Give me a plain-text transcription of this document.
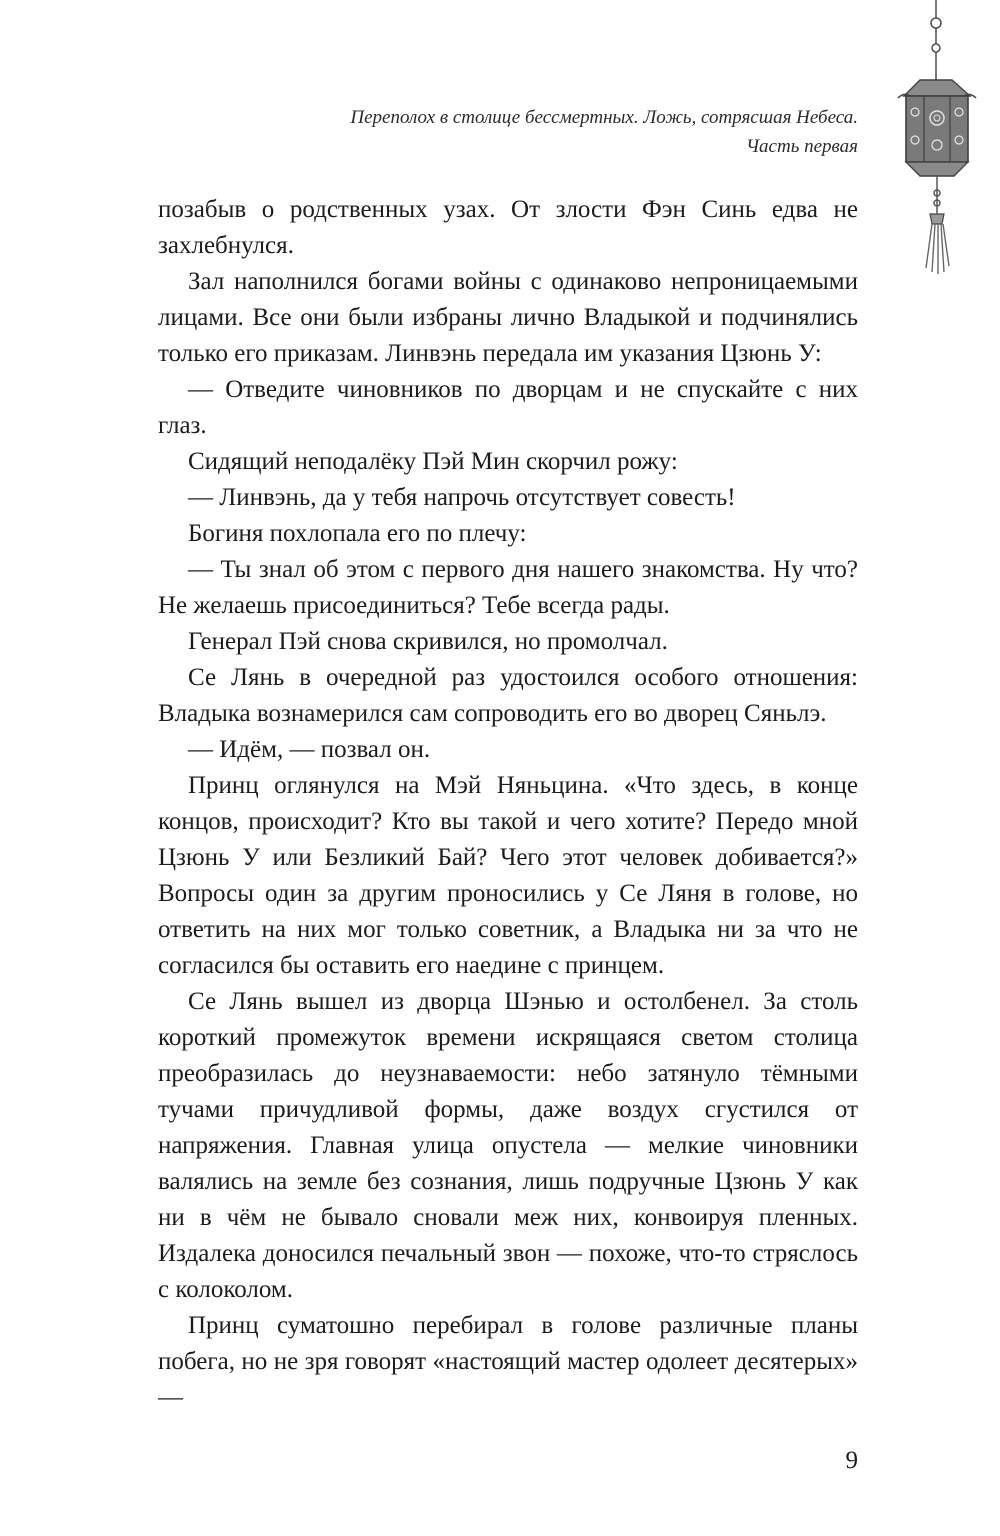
Переполох в столице бессмертных. Ложь, сотрясшая Небеса.
Часть первая

позабыв о родственных узах. От злости Фэн Синь едва не захлебнулся.

Зал наполнился богами войны с одинаково непроницаемыми лицами. Все они были избраны лично Владыкой и подчинялись только его приказам. Линвэнь передала им указания Цзюнь У:

— Отведите чиновников по дворцам и не спускайте с них глаз.

Сидящий неподалёку Пэй Мин скорчил рожу:

— Линвэнь, да у тебя напрочь отсутствует совесть!

Богиня похлопала его по плечу:

— Ты знал об этом с первого дня нашего знакомства. Ну что? Не желаешь присоединиться? Тебе всегда рады.

Генерал Пэй снова скривился, но промолчал.

Се Лянь в очередной раз удостоился особого отношения: Владыка вознамерился сам сопроводить его во дворец Сяньлэ.

— Идём, — позвал он.

Принц оглянулся на Мэй Няньцина. «Что здесь, в конце концов, происходит? Кто вы такой и чего хотите? Передо мной Цзюнь У или Безликий Бай? Чего этот человек добивается?» Вопросы один за другим проносились у Се Ляня в голове, но ответить на них мог только советник, а Владыка ни за что не согласился бы оставить его наедине с принцем.

Се Лянь вышел из дворца Шэнью и остолбенел. За столь короткий промежуток времени искрящаяся светом столица преобразилась до неузнаваемости: небо затянуло тёмными тучами причудливой формы, даже воздух сгустился от напряжения. Главная улица опустела — мелкие чиновники валялись на земле без сознания, лишь подручные Цзюнь У как ни в чём не бывало сновали меж них, конвоируя пленных. Издалека доносился печальный звон — похоже, что-то стряслось с колоколом.

Принц суматошно перебирал в голове различные планы побега, но не зря говорят «настоящий мастер одолеет десятерых» —

9
